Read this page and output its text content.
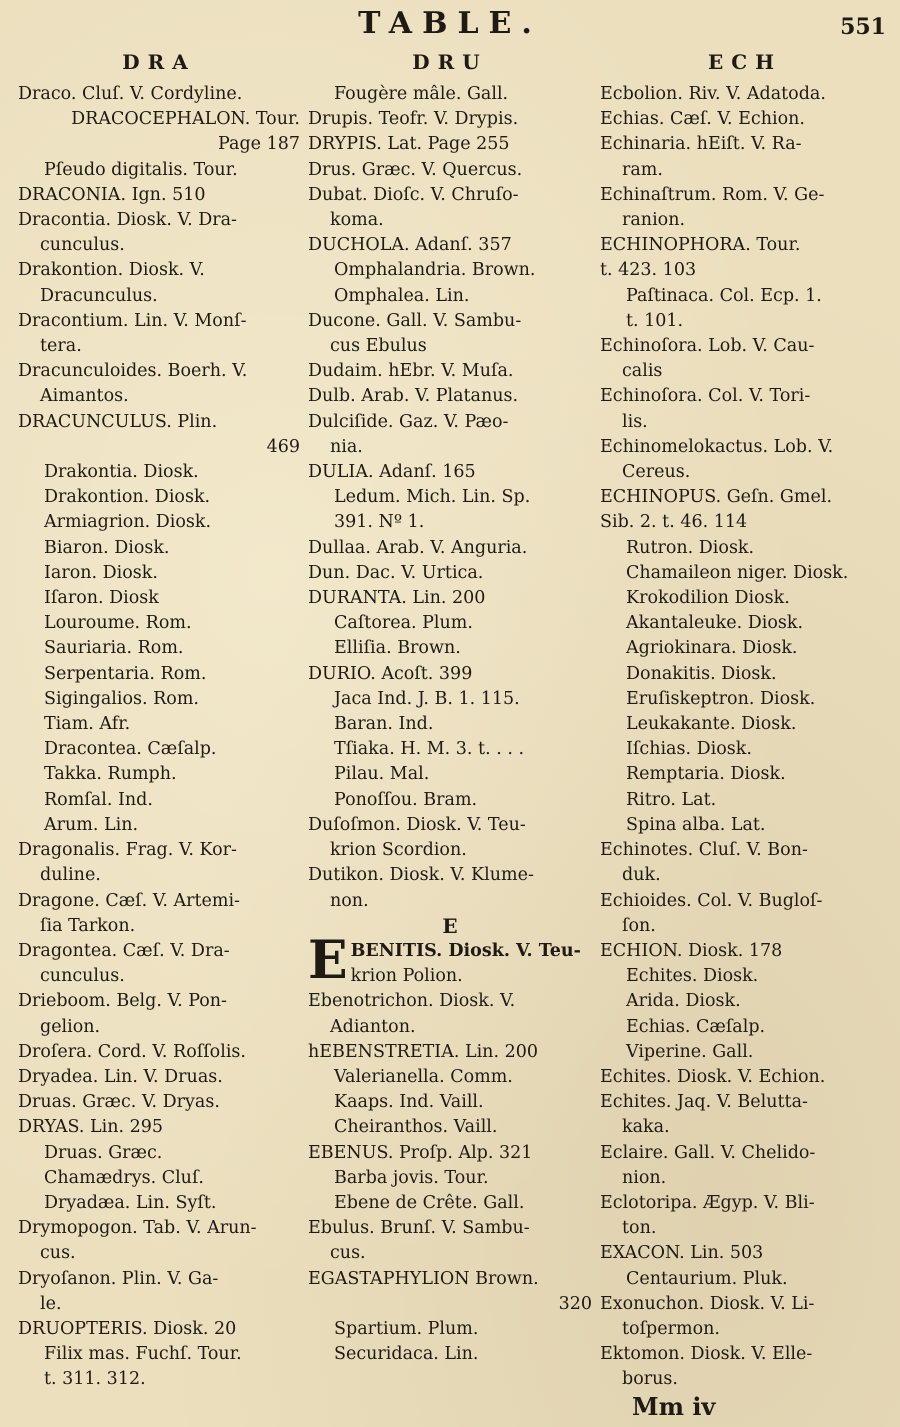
TABLE.	551
DRA
Draco. Cluſ. V. Cordyline.
DRACOCEPHALON. Tour.
Page 187
Pſeudo digitalis. Tour.
DRACONIA. Ign. 510
Dracontia. Diosk. V. Dra-
cunculus.
Drakontion. Diosk. V.
Dracunculus.
Dracontium. Lin. V. Monſ-
tera.
Dracunculoides. Boerh. V.
Aimantos.
DRACUNCULUS. Plin.
469
Drakontia. Diosk.
Drakontion. Diosk.
Armiagrion. Diosk.
Biaron. Diosk.
Iaron. Diosk.
Iſaron. Diosk
Louroume. Rom.
Sauriaria. Rom.
Serpentaria. Rom.
Sigingalios. Rom.
Tiam. Afr.
Dracontea. Cæſalp.
Takka. Rumph.
Romſal. Ind.
Arum. Lin.
Dragonalis. Frag. V. Kor-
duline.
Dragone. Cæſ. V. Artemi-
ſia Tarkon.
Dragontea. Cæſ. V. Dra-
cunculus.
Drieboom. Belg. V. Pon-
gelion.
Droſera. Cord. V. Roſſolis.
Dryadea. Lin. V. Druas.
Druas. Græc. V. Dryas.
DRYAS. Lin. 295
Druas. Græc.
Chamædrys. Cluſ.
Dryadæa. Lin. Syſt.
Drymopogon. Tab. V. Arun-
cus.
Dryoſanon. Plin. V. Ga-
le.
DRUOPTERIS. Diosk. 20
Filix mas. Fuchſ. Tour.
t. 311. 312.
DRU
Fougère mâle. Gall.
Drupis. Teofr. V. Drypis.
DRYPIS. Lat. Page 255
Drus. Græc. V. Quercus.
Dubat. Dioſc. V. Chruſo-
koma.
DUCHOLA. Adanſ. 357
Omphalandria. Brown.
Omphalea. Lin.
Ducone. Gall. V. Sambu-
cus Ebulus
Dudaim. hEbr. V. Muſa.
Dulb. Arab. V. Platanus.
Dulciſide. Gaz. V. Pæo-
nia.
DULIA. Adanſ. 165
Ledum. Mich. Lin. Sp.
391. Nº 1.
Dullaa. Arab. V. Anguria.
Dun. Dac. V. Urtica.
DURANTA. Lin. 200
Caſtorea. Plum.
Elliſia. Brown.
DURIO. Acoſt. 399
Jaca Ind. J. B. 1. 115.
Baran. Ind.
Tſiaka. H. M. 3. t. . . .
Pilau. Mal.
Ponoſſou. Bram.
Duſoſmon. Diosk. V. Teu-
krion Scordion.
Dutikon. Diosk. V. Klume-
non.
E
EBENITIS. Diosk. V. Teu-
krion Polion.
Ebenotrichon. Diosk. V.
Adianton.
hEBENSTRETIA. Lin. 200
Valerianella. Comm.
Kaaps. Ind. Vaill.
Cheiranthos. Vaill.
EBENUS. Proſp. Alp. 321
Barba jovis. Tour.
Ebene de Crête. Gall.
Ebulus. Brunſ. V. Sambu-
cus.
EGASTAPHYLION Brown.
320
Spartium. Plum.
Securidaca. Lin.
ECH
Ecbolion. Riv. V. Adatoda.
Echias. Cæſ. V. Echion.
Echinaria. hEiſt. V. Ra-
ram.
Echinaſtrum. Rom. V. Ge-
ranion.
ECHINOPHORA. Tour.
t. 423. 103
Paſtinaca. Col. Ecp. 1.
t. 101.
Echinoſora. Lob. V. Cau-
calis
Echinoſora. Col. V. Tori-
lis.
Echinomelokactus. Lob. V.
Cereus.
ECHINOPUS. Geſn. Gmel.
Sib. 2. t. 46. 114
Rutron. Diosk.
Chamaileon niger. Diosk.
Krokodilion Diosk.
Akantaleuke. Diosk.
Agriokinara. Diosk.
Donakitis. Diosk.
Eruſiskeptron. Diosk.
Leukakante. Diosk.
Iſchias. Diosk.
Remptaria. Diosk.
Ritro. Lat.
Spina alba. Lat.
Echinotes. Cluſ. V. Bon-
duk.
Echioides. Col. V. Bugloſ-
ſon.
ECHION. Diosk. 178
Echites. Diosk.
Arida. Diosk.
Echias. Cæſalp.
Viperine. Gall.
Echites. Diosk. V. Echion.
Echites. Jaq. V. Belutta-
kaka.
Eclaire. Gall. V. Chelido-
nion.
Eclotoripa. Ægyp. V. Bli-
ton.
EXACON. Lin. 503
Centaurium. Pluk.
Exonuchon. Diosk. V. Li-
toſpermon.
Ektomon. Diosk. V. Elle-
borus.
Mm iv
